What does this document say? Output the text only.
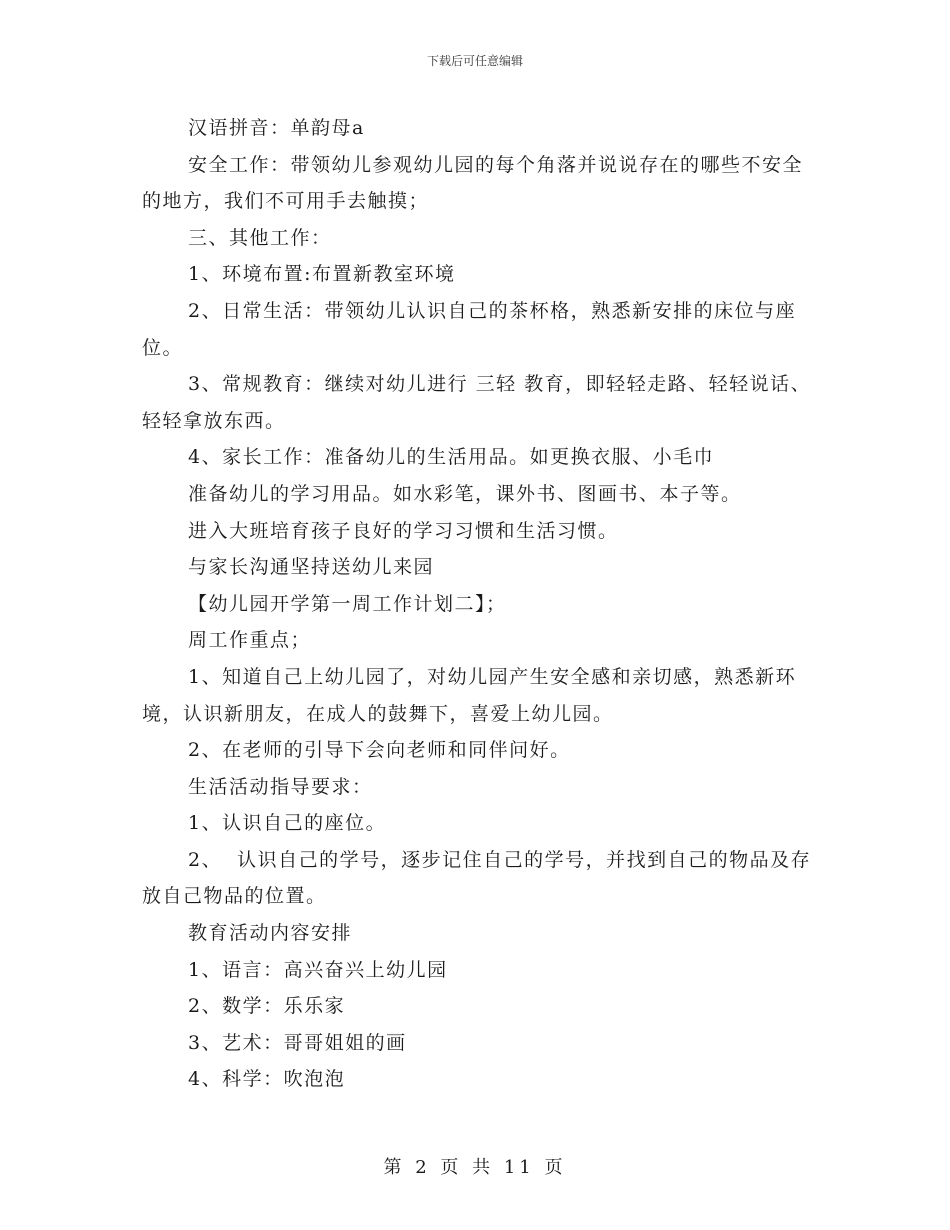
下载后可任意编辑

汉语拼音：单韵母a

安全工作：带领幼儿参观幼儿园的每个角落并说说存在的哪些不安全的地方，我们不可用手去触摸；

三、其他工作：

1、环境布置:布置新教室环境

2、日常生活：带领幼儿认识自己的茶杯格，熟悉新安排的床位与座位。

3、常规教育：继续对幼儿进行 三轻 教育，即轻轻走路、轻轻说话、轻轻拿放东西。

4、家长工作：准备幼儿的生活用品。如更换衣服、小毛巾

准备幼儿的学习用品。如水彩笔，课外书、图画书、本子等。

进入大班培育孩子良好的学习习惯和生活习惯。

与家长沟通坚持送幼儿来园

【幼儿园开学第一周工作计划二】；

周工作重点；

1、知道自己上幼儿园了，对幼儿园产生安全感和亲切感，熟悉新环境，认识新朋友，在成人的鼓舞下，喜爱上幼儿园。

2、在老师的引导下会向老师和同伴问好。

生活活动指导要求：

1、认识自己的座位。

2、  认识自己的学号，逐步记住自己的学号，并找到自己的物品及存放自己物品的位置。

教育活动内容安排

1、语言：高兴奋兴上幼儿园

2、数学：乐乐家

3、艺术：哥哥姐姐的画

4、科学：吹泡泡

第 2 页 共 11 页
